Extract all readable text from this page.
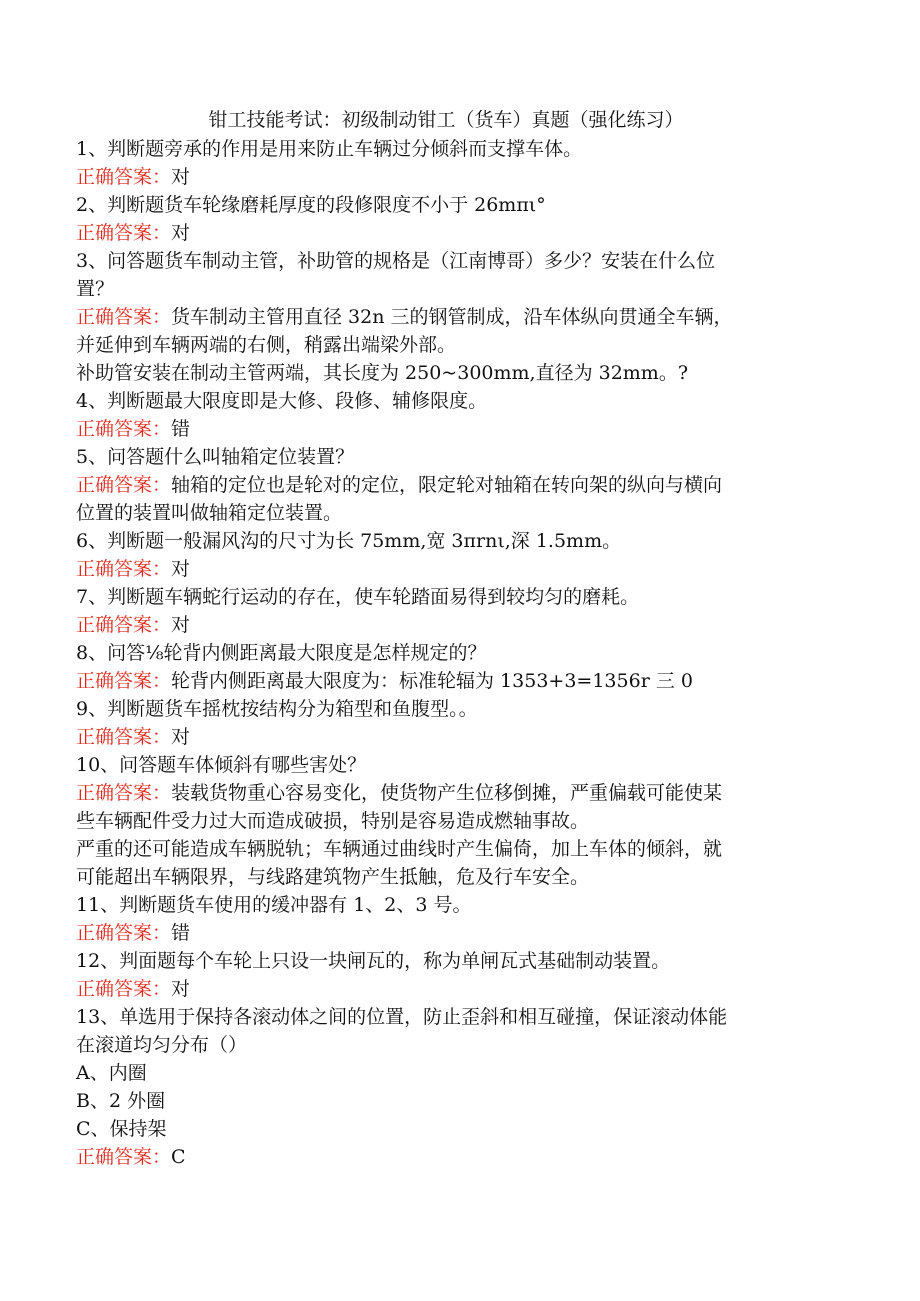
钳工技能考试：初级制动钳工（货车）真题（强化练习）
1、判断题旁承的作用是用来防止车辆过分倾斜而支撑车体。
正确答案：对
2、判断题货车轮缘磨耗厚度的段修限度不小于 26mπι°
正确答案：对
3、问答题货车制动主管，补助管的规格是（江南博哥）多少？安装在什么位
置？
正确答案：货车制动主管用直径 32n 三的钢管制成，沿车体纵向贯通全车辆，
并延伸到车辆两端的右侧，稍露出端梁外部。
补助管安装在制动主管两端，其长度为 250~300mm,直径为 32mm。?
4、判断题最大限度即是大修、段修、辅修限度。
正确答案：错
5、问答题什么叫轴箱定位装置？
正确答案：轴箱的定位也是轮对的定位，限定轮对轴箱在转向架的纵向与横向
位置的装置叫做轴箱定位装置。
6、判断题一般漏风沟的尺寸为长 75mm,宽 3πrnι,深 1.5mm。
正确答案：对
7、判断题车辆蛇行运动的存在，使车轮踏面易得到较均匀的磨耗。
正确答案：对
8、问答⅛轮背内侧距离最大限度是怎样规定的？
正确答案：轮背内侧距离最大限度为：标准轮辐为 1353+3=1356r 三 0
9、判断题货车摇枕按结构分为箱型和鱼腹型。。
正确答案：对
10、问答题车体倾斜有哪些害处？
正确答案：装载货物重心容易变化，使货物产生位移倒摊，严重偏载可能使某
些车辆配件受力过大而造成破损，特别是容易造成燃轴事故。
严重的还可能造成车辆脱轨；车辆通过曲线时产生偏倚，加上车体的倾斜，就
可能超出车辆限界，与线路建筑物产生抵触，危及行车安全。
11、判断题货车使用的缓冲器有 1、2、3 号。
正确答案：错
12、判面题每个车轮上只设一块闸瓦的，称为单闸瓦式基础制动装置。
正确答案：对
13、单选用于保持各滚动体之间的位置，防止歪斜和相互碰撞，保证滚动体能
在滚道均匀分布（）
A、内圈
B、2 外圈
C、保持架
正确答案：C
